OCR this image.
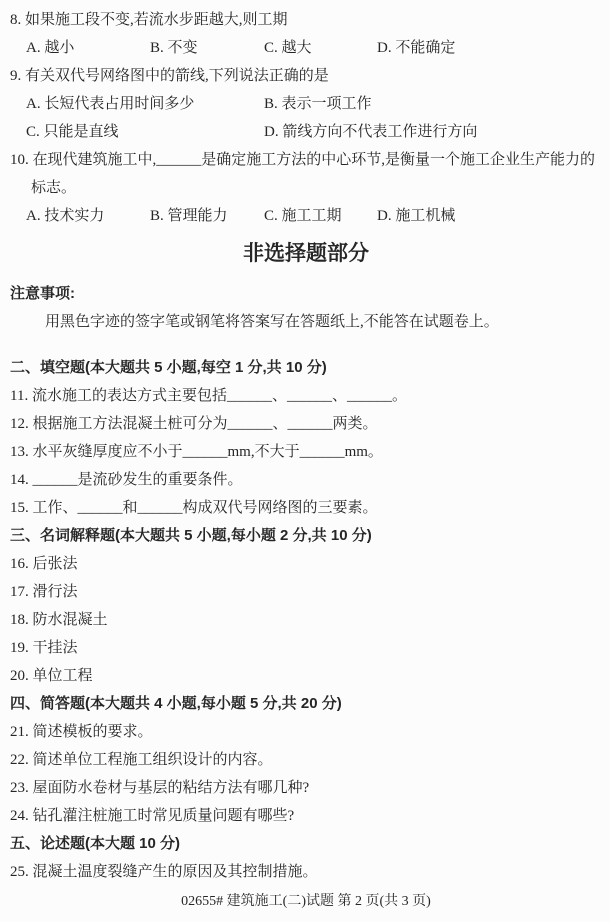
8. 如果施工段不变,若流水步距越大,则工期
A. 越小	B. 不变	C. 越大	D. 不能确定
9. 有关双代号网络图中的箭线,下列说法正确的是
A. 长短代表占用时间多少	B. 表示一项工作
C. 只能是直线	D. 箭线方向不代表工作进行方向
10. 在现代建筑施工中,______是确定施工方法的中心环节,是衡量一个施工企业生产能力的
标志。
A. 技术实力	B. 管理能力	C. 施工工期	D. 施工机械
非选择题部分
注意事项:
用黑色字迹的签字笔或钢笔将答案写在答题纸上,不能答在试题卷上。
二、填空题(本大题共 5 小题,每空 1 分,共 10 分)
11. 流水施工的表达方式主要包括______、______、______。
12. 根据施工方法混凝土桩可分为______、______两类。
13. 水平灰缝厚度应不小于______mm,不大于______mm。
14. ______是流砂发生的重要条件。
15. 工作、______和______构成双代号网络图的三要素。
三、名词解释题(本大题共 5 小题,每小题 2 分,共 10 分)
16. 后张法
17. 滑行法
18. 防水混凝土
19. 干挂法
20. 单位工程
四、简答题(本大题共 4 小题,每小题 5 分,共 20 分)
21. 简述模板的要求。
22. 简述单位工程施工组织设计的内容。
23. 屋面防水卷材与基层的粘结方法有哪几种?
24. 钻孔灌注桩施工时常见质量问题有哪些?
五、论述题(本大题 10 分)
25. 混凝土温度裂缝产生的原因及其控制措施。
02655# 建筑施工(二)试题 第 2 页(共 3 页)
